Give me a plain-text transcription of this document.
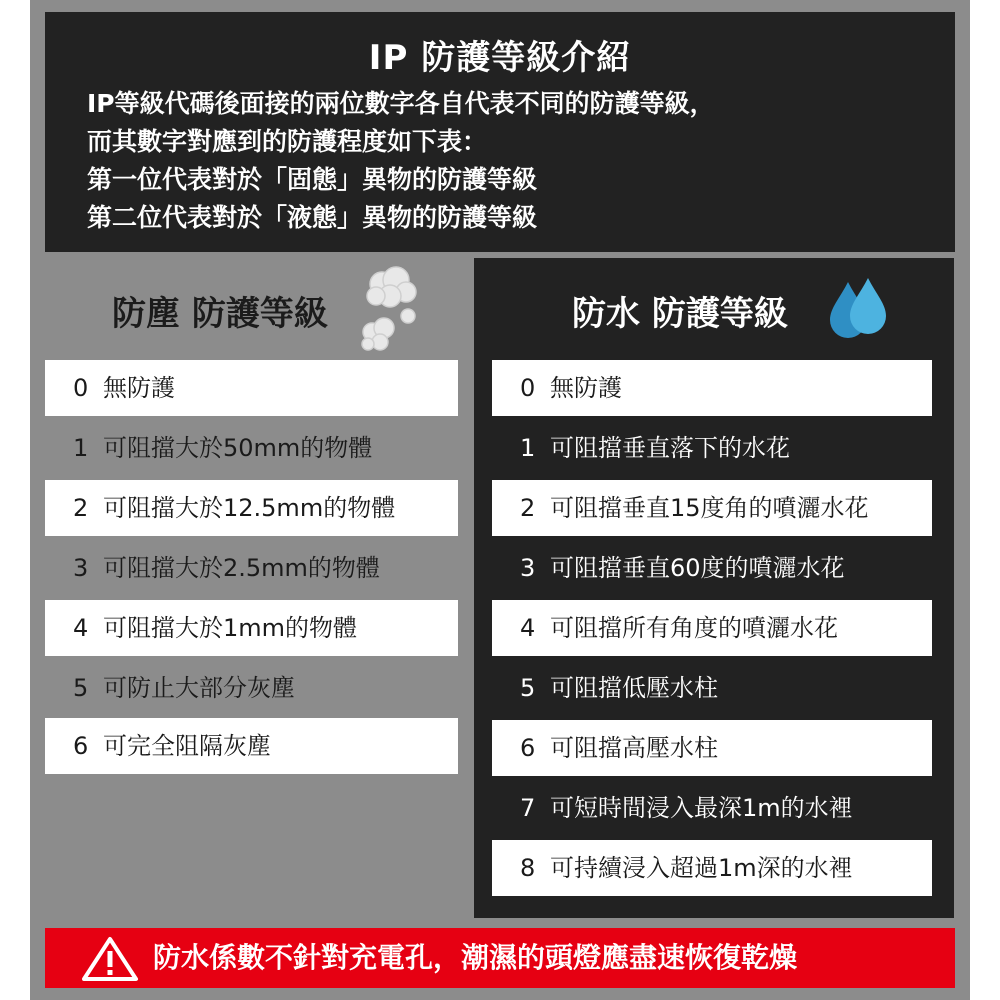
IP 防護等級介紹
IP等級代碼後面接的兩位數字各自代表不同的防護等級，
而其數字對應到的防護程度如下表：
第一位代表對於「固態」異物的防護等級
第二位代表對於「液態」異物的防護等級
防塵 防護等級
0 無防護
1 可阻擋大於50mm的物體
2 可阻擋大於12.5mm的物體
3 可阻擋大於2.5mm的物體
4 可阻擋大於1mm的物體
5 可防止大部分灰塵
6 可完全阻隔灰塵
防水 防護等級
0 無防護
1 可阻擋垂直落下的水花
2 可阻擋垂直15度角的噴灑水花
3 可阻擋垂直60度的噴灑水花
4 可阻擋所有角度的噴灑水花
5 可阻擋低壓水柱
6 可阻擋高壓水柱
7 可短時間浸入最深1m的水裡
8 可持續浸入超過1m深的水裡
防水係數不針對充電孔，潮濕的頭燈應盡速恢復乾燥
